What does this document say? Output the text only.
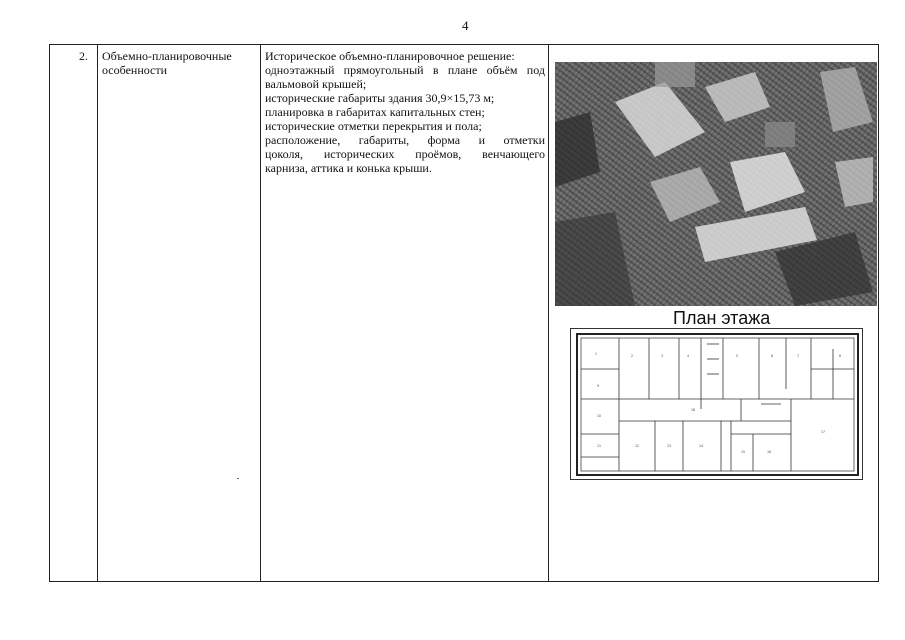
4
2. Объемно-планировочные особенности
Историческое объемно-планировочное решение:
одноэтажный прямоугольный в плане объём под
вальмовой крышей;
исторические габариты здания 30,9×15,73 м;
планировка в габаритах капитальных стен;
исторические отметки перекрытия и пола;
расположение, габариты, форма и отметки
цоколя, исторических проёмов, венчающего
карниза, аттика и конька крыши.
План этажа
1	2	3	4	5	6	7	8
9
10
11	12	13	14
15	16
17
18
